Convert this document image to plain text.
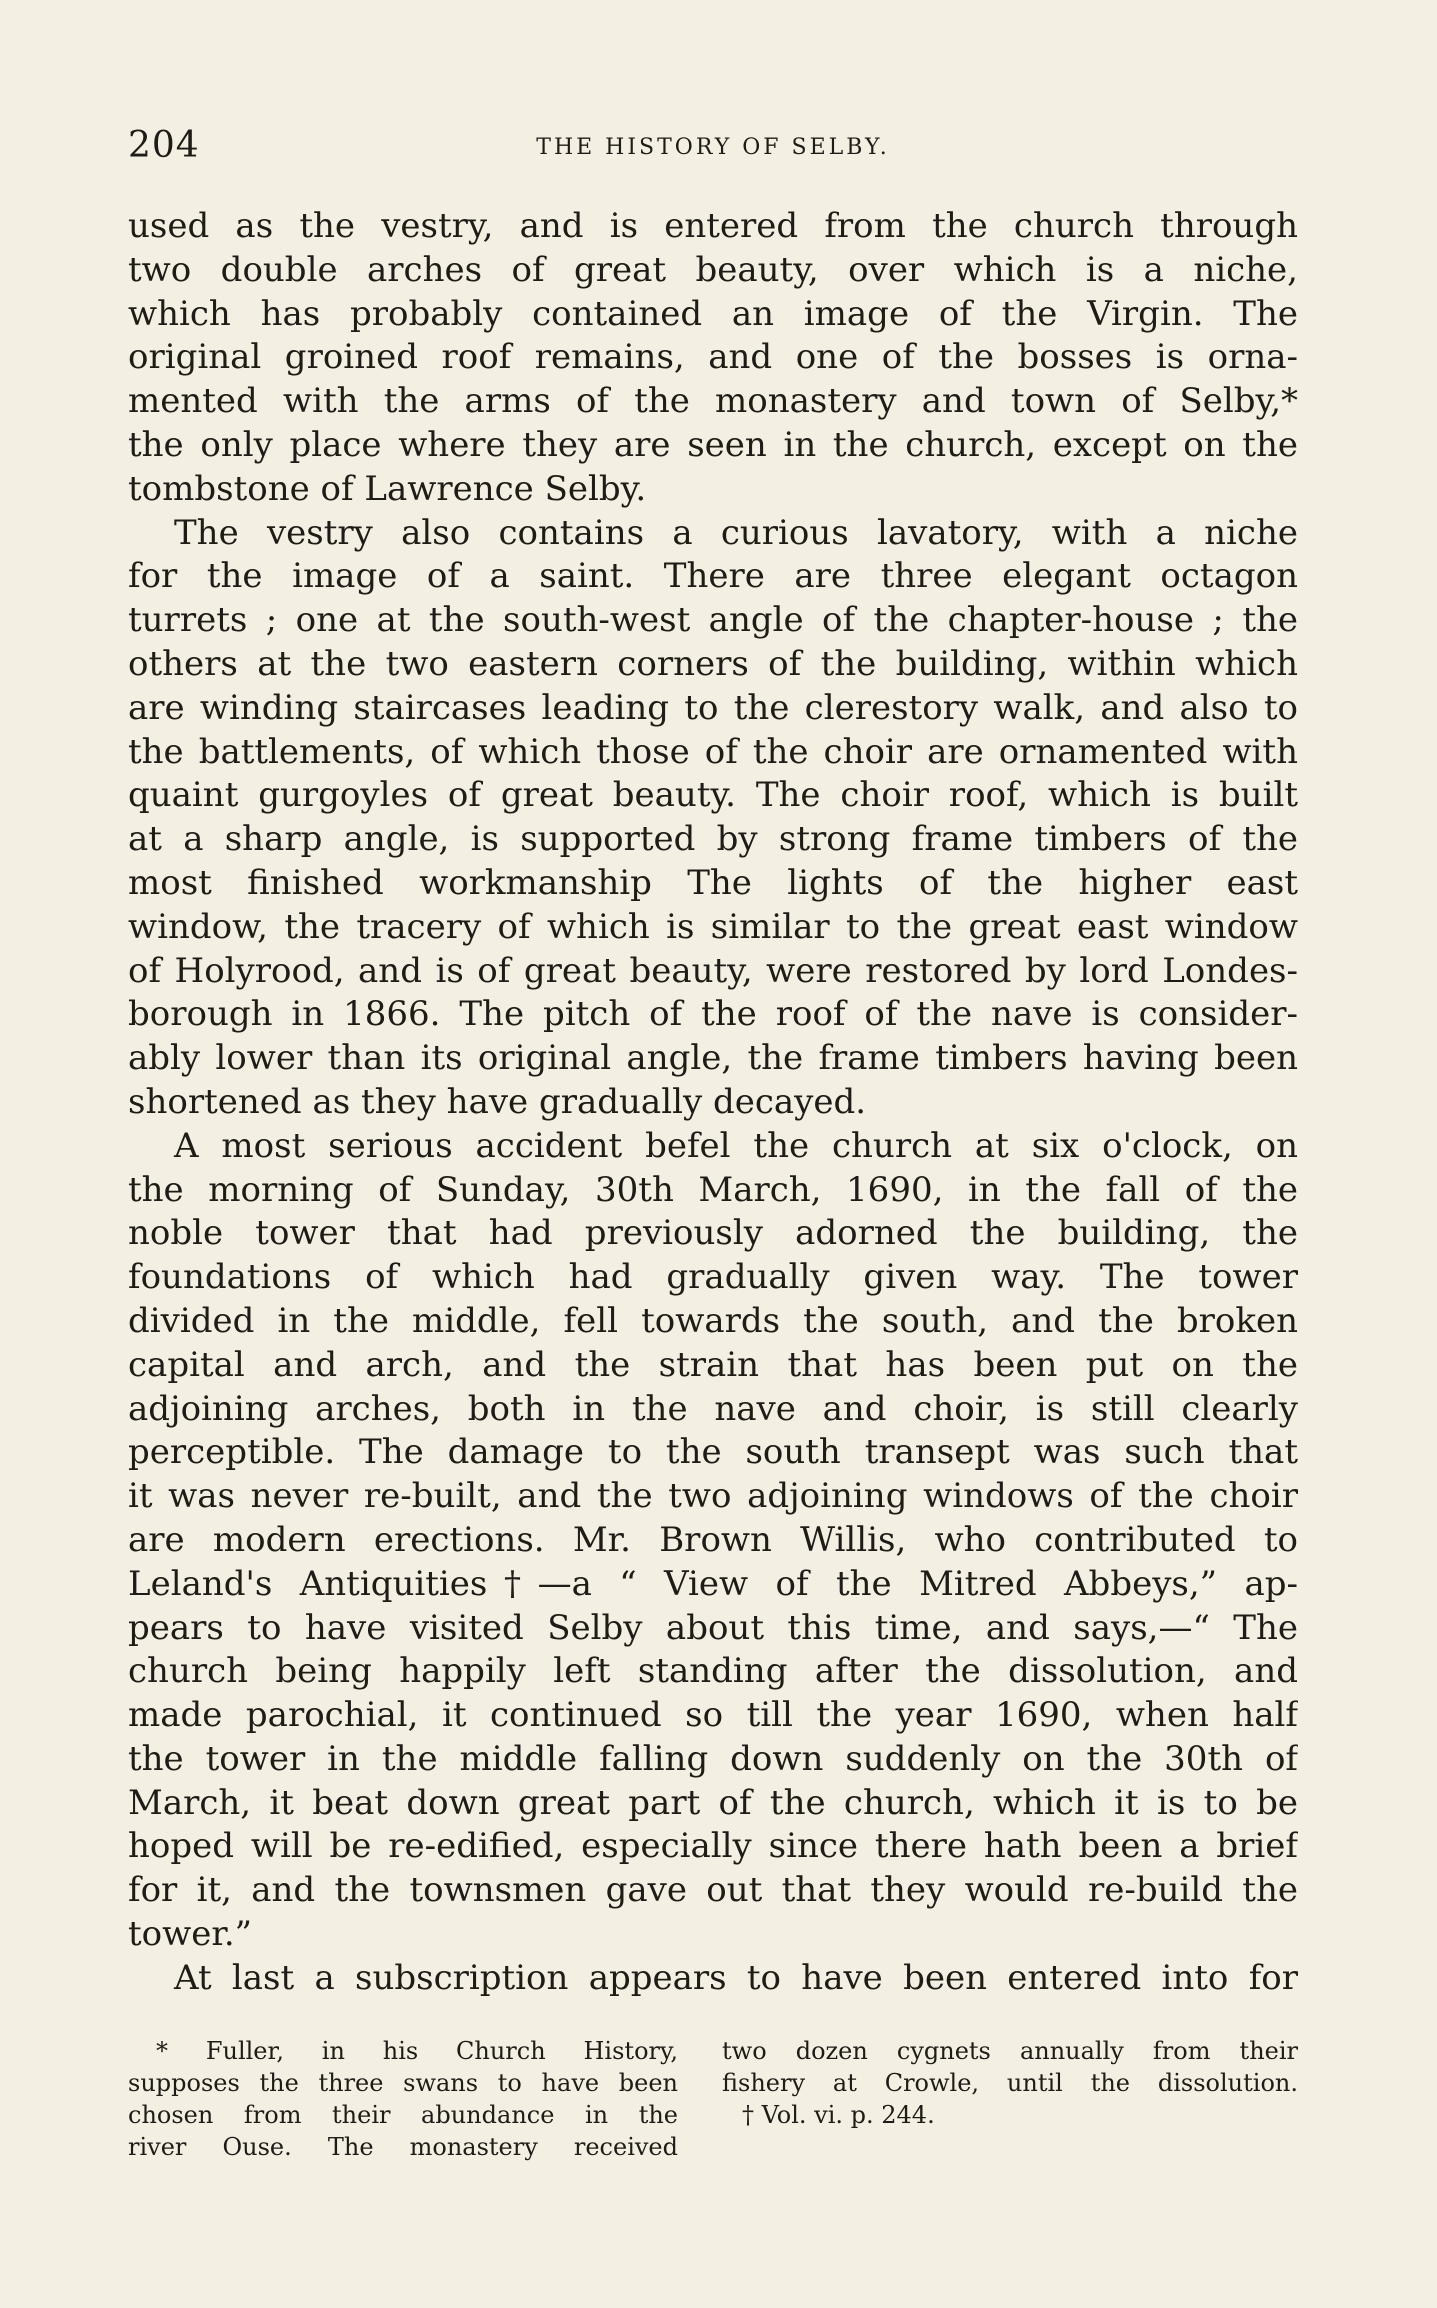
204	THE HISTORY OF SELBY.
used as the vestry, and is entered from the church through
two double arches of great beauty, over which is a niche,
which has probably contained an image of the Virgin. The
original groined roof remains, and one of the bosses is orna-
mented with the arms of the monastery and town of Selby,*
the only place where they are seen in the church, except on the
tombstone of Lawrence Selby.
The vestry also contains a curious lavatory, with a niche
for the image of a saint. There are three elegant octagon
turrets ; one at the south-west angle of the chapter-house ; the
others at the two eastern corners of the building, within which
are winding staircases leading to the clerestory walk, and also to
the battlements, of which those of the choir are ornamented with
quaint gurgoyles of great beauty. The choir roof, which is built
at a sharp angle, is supported by strong frame timbers of the
most finished workmanship The lights of the higher east
window, the tracery of which is similar to the great east window
of Holyrood, and is of great beauty, were restored by lord Londes-
borough in 1866. The pitch of the roof of the nave is consider-
ably lower than its original angle, the frame timbers having been
shortened as they have gradually decayed.
A most serious accident befel the church at six o'clock, on
the morning of Sunday, 30th March, 1690, in the fall of the
noble tower that had previously adorned the building, the
foundations of which had gradually given way. The tower
divided in the middle, fell towards the south, and the broken
capital and arch, and the strain that has been put on the
adjoining arches, both in the nave and choir, is still clearly
perceptible. The damage to the south transept was such that
it was never re-built, and the two adjoining windows of the choir
are modern erections. Mr. Brown Willis, who contributed to
Leland's Antiquities†—a “ View of the Mitred Abbeys,” ap-
pears to have visited Selby about this time, and says,—“ The
church being happily left standing after the dissolution, and
made parochial, it continued so till the year 1690, when half
the tower in the middle falling down suddenly on the 30th of
March, it beat down great part of the church, which it is to be
hoped will be re-edified, especially since there hath been a brief
for it, and the townsmen gave out that they would re-build the
tower.”
At last a subscription appears to have been entered into for
* Fuller, in his Church History,
supposes the three swans to have been
chosen from their abundance in the
river Ouse. The monastery received
two dozen cygnets annually from their
fishery at Crowle, until the dissolution.
† Vol. vi. p. 244.
